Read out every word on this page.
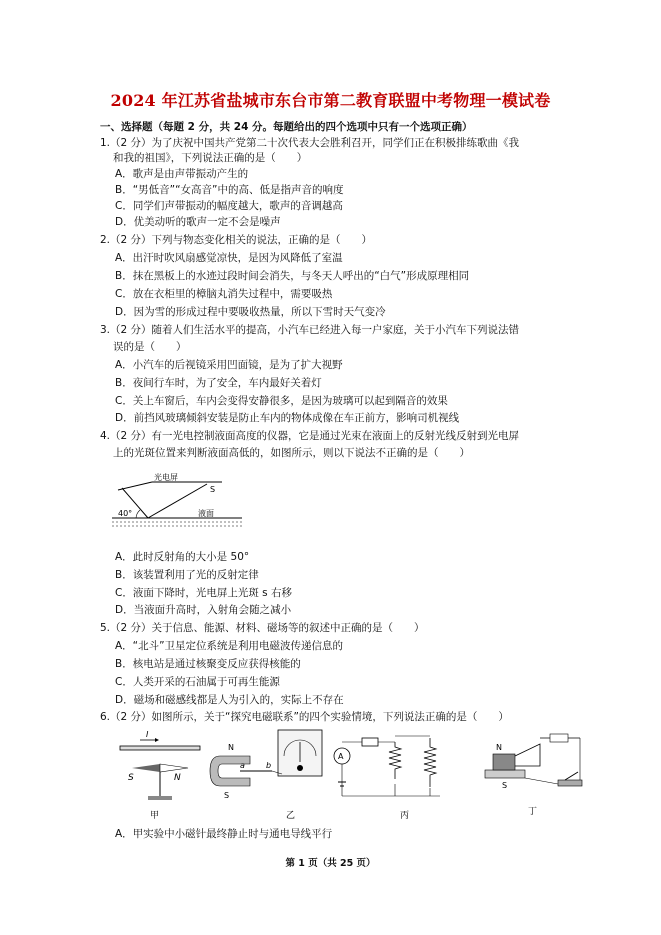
2024 年江苏省盐城市东台市第二教育联盟中考物理一模试卷
一、选择题（每题 2 分，共 24 分。每题给出的四个选项中只有一个选项正确）
1.（2 分）为了庆祝中国共产党第二十次代表大会胜利召开，同学们正在积极排练歌曲《我
和我的祖国》，下列说法正确的是（　　）
A．歌声是由声带振动产生的
B．“男低音”“女高音”中的高、低是指声音的响度
C．同学们声带振动的幅度越大，歌声的音调越高
D．优美动听的歌声一定不会是噪声
2.（2 分）下列与物态变化相关的说法，正确的是（　　）
A．出汗时吹风扇感觉凉快，是因为风降低了室温
B．抹在黑板上的水迹过段时间会消失，与冬天人呼出的“白气”形成原理相同
C．放在衣柜里的樟脑丸消失过程中，需要吸热
D．因为雪的形成过程中要吸收热量，所以下雪时天气变冷
3.（2 分）随着人们生活水平的提高，小汽车已经进入每一户家庭，关于小汽车下列说法错
误的是（　　）
A．小汽车的后视镜采用凹面镜，是为了扩大视野
B．夜间行车时，为了安全，车内最好关着灯
C．关上车窗后，车内会变得安静很多，是因为玻璃可以起到隔音的效果
D．前挡风玻璃倾斜安装是防止车内的物体成像在车正前方，影响司机视线
4.（2 分）有一光电控制液面高度的仪器，它是通过光束在液面上的反射光线反射到光电屏
上的光斑位置来判断液面高低的，如图所示，则以下说法不正确的是（　　）
光电屏
S
40°	液面
A．此时反射角的大小是 50°
B．该装置利用了光的反射定律
C．液面下降时，光电屏上光斑 s 右移
D．当液面升高时，入射角会随之减小
5.（2 分）关于信息、能源、材料、磁场等的叙述中正确的是（　　）
A．“北斗”卫星定位系统是利用电磁波传递信息的
B．核电站是通过核聚变反应获得核能的
C．人类开采的石油属于可再生能源
D．磁场和磁感线都是人为引入的，实际上不存在
6.（2 分）如图所示，关于“探究电磁联系”的四个实验情境，下列说法正确的是（　　）
I
S	N
甲
N
S
a	b
乙
A
丙
N
S
丁
A．甲实验中小磁针最终静止时与通电导线平行
第 1 页（共 25 页）
